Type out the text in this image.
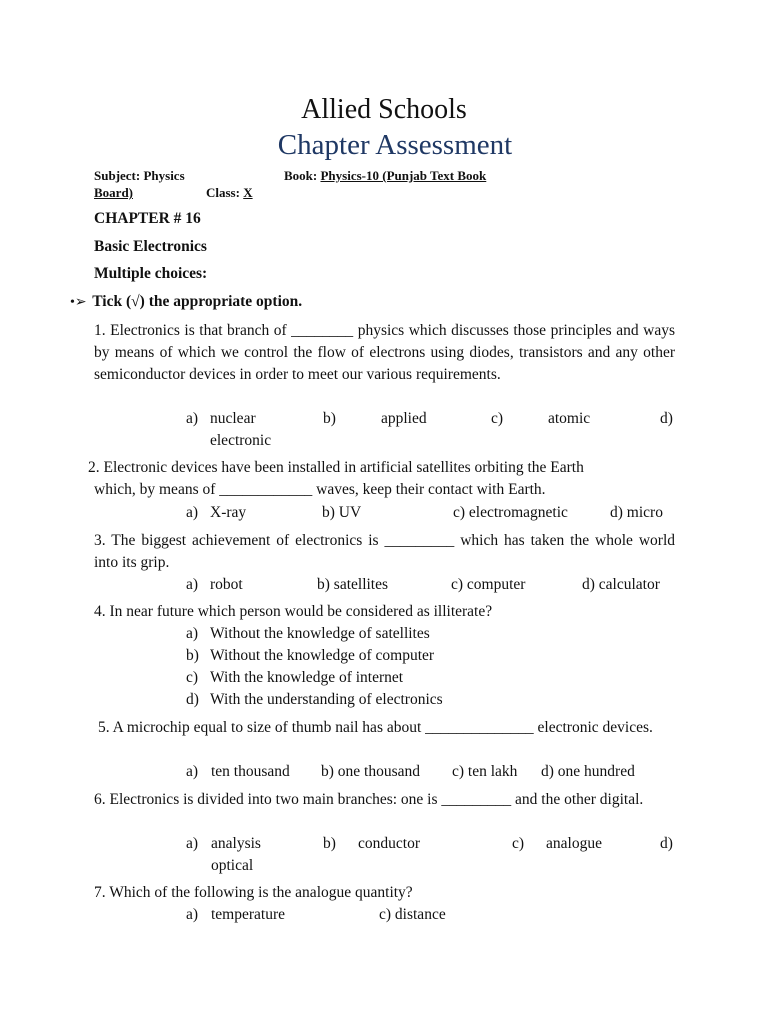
Allied Schools
Chapter Assessment
Subject: Physics	Book: Physics-10 (Punjab Text Book
Board)	Class: X
CHAPTER # 16
Basic Electronics
Multiple choices:
•➢ Tick (√) the appropriate option.
1. Electronics is that branch of ________ physics which discusses those principles and ways by means of which we control the flow of electrons using diodes, transistors and any other semiconductor devices in order to meet our various requirements.
a) nuclear	b)	applied	c)	atomic	d)
electronic
2. Electronic devices have been installed in artificial satellites orbiting the Earth
which, by means of ____________ waves, keep their contact with Earth.
a) X-ray	b) UV	c) electromagnetic	d) micro
3. The biggest achievement of electronics is _________ which has taken the whole world into its grip.
a) robot	b) satellites	c) computer	d) calculator
4. In near future which person would be considered as illiterate?
a) Without the knowledge of satellites
b) Without the knowledge of computer
c) With the knowledge of internet
d) With the understanding of electronics
5. A microchip equal to size of thumb nail has about ______________ electronic devices.
a) ten thousand b) one thousand c) ten lakh d) one hundred
6. Electronics is divided into two main branches: one is _________ and the other digital.
a) analysis	b) conductor	c) analogue	d)
optical
7. Which of the following is the analogue quantity?
a) temperature	c) distance
